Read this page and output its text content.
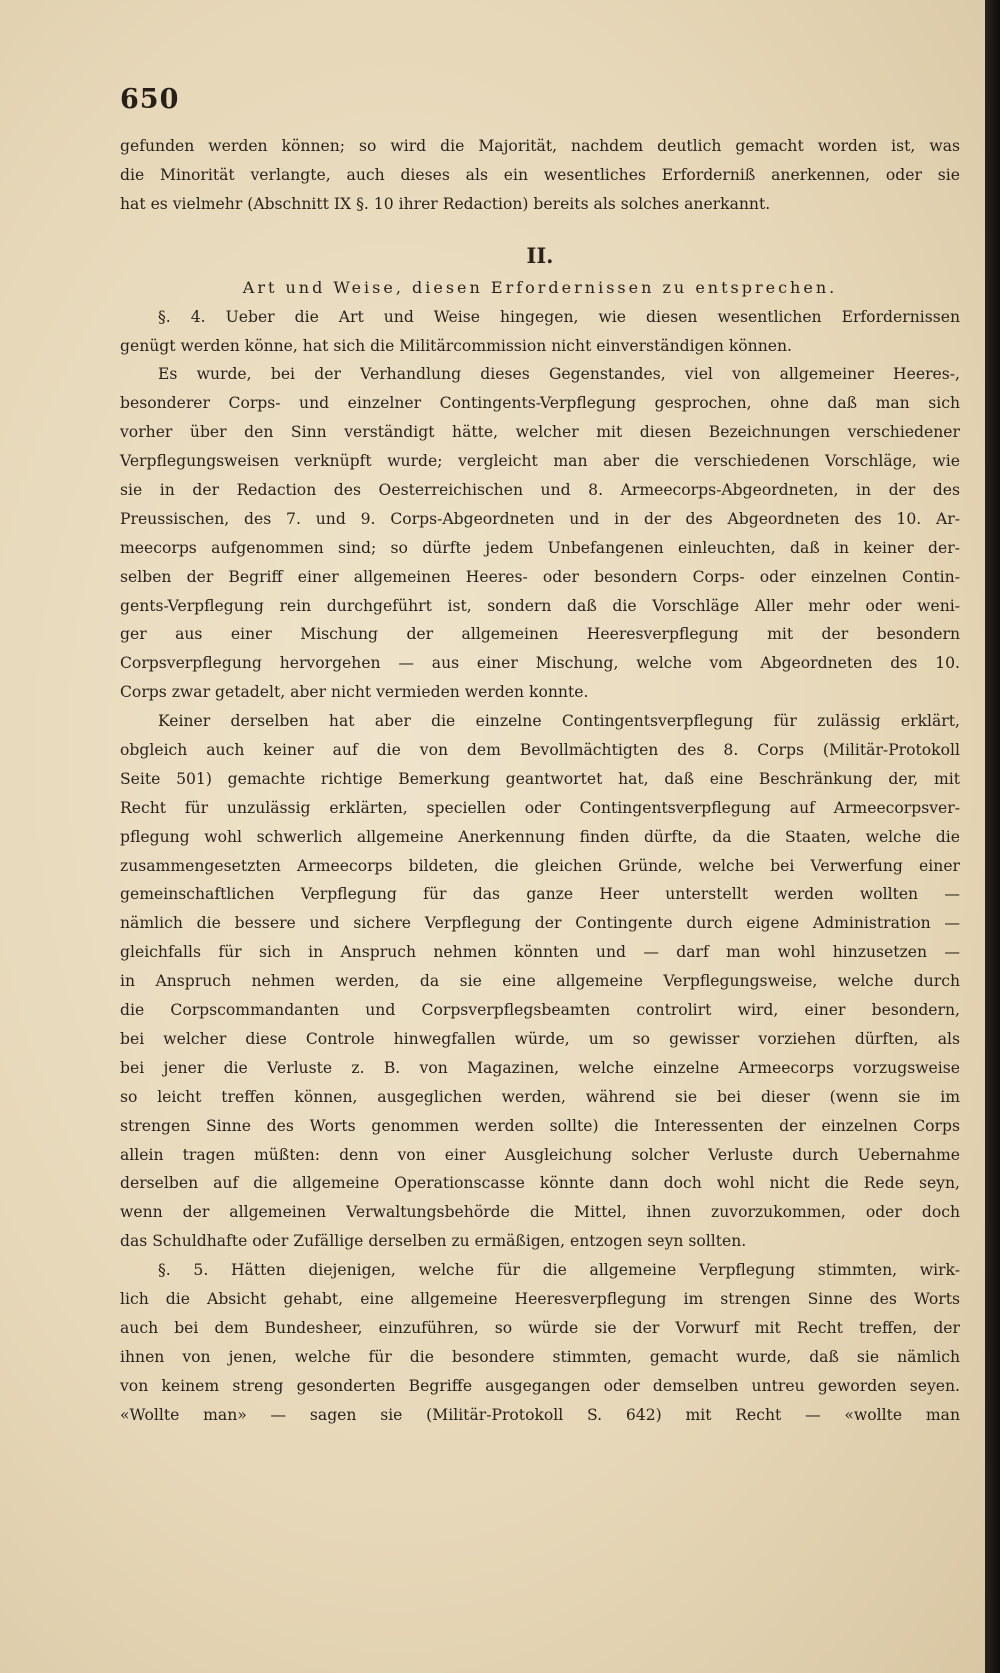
650
gefunden werden können; so wird die Majorität, nachdem deutlich gemacht worden ist, was
die Minorität verlangte, auch dieses als ein wesentliches Erforderniß anerkennen, oder sie
hat es vielmehr (Abschnitt IX §. 10 ihrer Redaction) bereits als solches anerkannt.
II.
Art und Weise, diesen Erfordernissen zu entsprechen.
§. 4. Ueber die Art und Weise hingegen, wie diesen wesentlichen Erfordernissen
genügt werden könne, hat sich die Militärcommission nicht einverständigen können.
Es wurde, bei der Verhandlung dieses Gegenstandes, viel von allgemeiner Heeres-,
besonderer Corps- und einzelner Contingents-Verpflegung gesprochen, ohne daß man sich
vorher über den Sinn verständigt hätte, welcher mit diesen Bezeichnungen verschiedener
Verpflegungsweisen verknüpft wurde; vergleicht man aber die verschiedenen Vorschläge, wie
sie in der Redaction des Oesterreichischen und 8. Armeecorps-Abgeordneten, in der des
Preussischen, des 7. und 9. Corps-Abgeordneten und in der des Abgeordneten des 10. Ar-
meecorps aufgenommen sind; so dürfte jedem Unbefangenen einleuchten, daß in keiner der-
selben der Begriff einer allgemeinen Heeres- oder besondern Corps- oder einzelnen Contin-
gents-Verpflegung rein durchgeführt ist, sondern daß die Vorschläge Aller mehr oder weni-
ger aus einer Mischung der allgemeinen Heeresverpflegung mit der besondern
Corpsverpflegung hervorgehen — aus einer Mischung, welche vom Abgeordneten des 10.
Corps zwar getadelt, aber nicht vermieden werden konnte.
Keiner derselben hat aber die einzelne Contingentsverpflegung für zulässig erklärt,
obgleich auch keiner auf die von dem Bevollmächtigten des 8. Corps (Militär-Protokoll
Seite 501) gemachte richtige Bemerkung geantwortet hat, daß eine Beschränkung der, mit
Recht für unzulässig erklärten, speciellen oder Contingentsverpflegung auf Armeecorpsver-
pflegung wohl schwerlich allgemeine Anerkennung finden dürfte, da die Staaten, welche die
zusammengesetzten Armeecorps bildeten, die gleichen Gründe, welche bei Verwerfung einer
gemeinschaftlichen Verpflegung für das ganze Heer unterstellt werden wollten —
nämlich die bessere und sichere Verpflegung der Contingente durch eigene Administration —
gleichfalls für sich in Anspruch nehmen könnten und — darf man wohl hinzusetzen —
in Anspruch nehmen werden, da sie eine allgemeine Verpflegungsweise, welche durch
die Corpscommandanten und Corpsverpflegsbeamten controlirt wird, einer besondern,
bei welcher diese Controle hinwegfallen würde, um so gewisser vorziehen dürften, als
bei jener die Verluste z. B. von Magazinen, welche einzelne Armeecorps vorzugsweise
so leicht treffen können, ausgeglichen werden, während sie bei dieser (wenn sie im
strengen Sinne des Worts genommen werden sollte) die Interessenten der einzelnen Corps
allein tragen müßten: denn von einer Ausgleichung solcher Verluste durch Uebernahme
derselben auf die allgemeine Operationscasse könnte dann doch wohl nicht die Rede seyn,
wenn der allgemeinen Verwaltungsbehörde die Mittel, ihnen zuvorzukommen, oder doch
das Schuldhafte oder Zufällige derselben zu ermäßigen, entzogen seyn sollten.
§. 5. Hätten diejenigen, welche für die allgemeine Verpflegung stimmten, wirk-
lich die Absicht gehabt, eine allgemeine Heeresverpflegung im strengen Sinne des Worts
auch bei dem Bundesheer, einzuführen, so würde sie der Vorwurf mit Recht treffen, der
ihnen von jenen, welche für die besondere stimmten, gemacht wurde, daß sie nämlich
von keinem streng gesonderten Begriffe ausgegangen oder demselben untreu geworden seyen.
«Wollte man» — sagen sie (Militär-Protokoll S. 642) mit Recht — «wollte man
